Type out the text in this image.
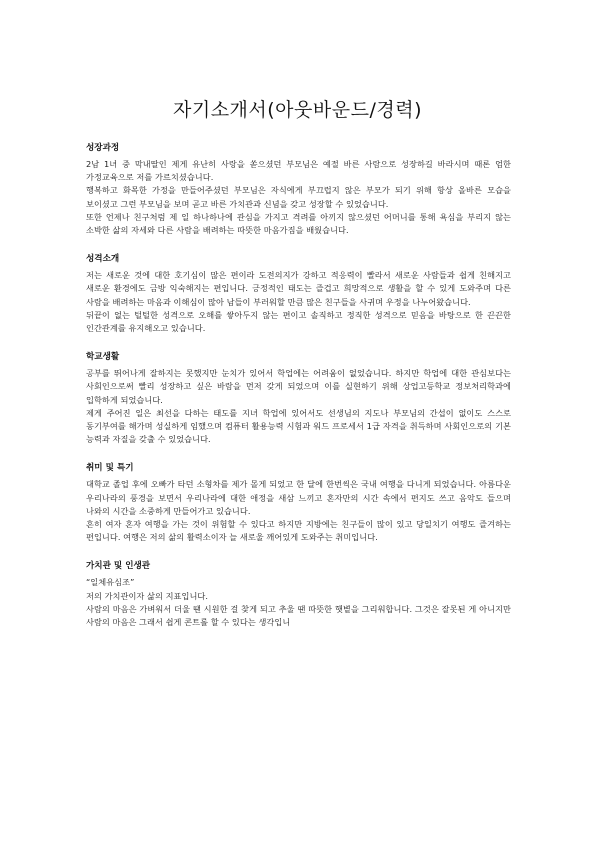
자기소개서(아웃바운드/경력)
성장과정

2남 1녀 중 막내딸인 제게 유난히 사랑을 쏟으셨던 부모님은 예절 바른 사람으로 성장하길 바라시며 때론 엄한 가정교육으로 저를 가르치셨습니다.

행복하고 화목한 가정을 만들어주셨던 부모님은 자식에게 부끄럽지 않은 부모가 되기 위해 항상 올바른 모습을 보이셨고 그런 부모님을 보며 곧고 바른 가치관과 신념을 갖고 성장할 수 있었습니다.

또한 언제나 친구처럼 제 일 하나하나에 관심을 가지고 격려를 아끼지 않으셨던 어머니를 통해 욕심을 부리지 않는 소박한 삶의 자세와 다른 사람을 배려하는 따뜻한 마음가짐을 배웠습니다.

성격소개

저는 새로운 것에 대한 호기심이 많은 편이라 도전의지가 강하고 적응력이 빨라서 새로운 사람들과 쉽게 친해지고 새로운 환경에도 금방 익숙해지는 편입니다. 긍정적인 태도는 즐겁고 희망적으로 생활을 할 수 있게 도와주며 다른 사람을 배려하는 마음과 이해심이 많아 남들이 부러워할 만큼 많은 친구들을 사귀며 우정을 나누어왔습니다.

뒤끝이 없는 털털한 성격으로 오해를 쌓아두지 않는 편이고 솔직하고 정직한 성격으로 믿음을 바탕으로 한 끈끈한 인간관계를 유지해오고 있습니다.

학교생활

공부를 뛰어나게 잘하지는 못했지만 눈치가 있어서 학업에는 어려움이 없었습니다. 하지만 학업에 대한 관심보다는 사회인으로써 빨리 성장하고 싶은 바람을 먼저 갖게 되었으며 이를 실현하기 위해 상업고등학교 정보처리학과에 입학하게 되었습니다.

제게 주어진 일은 최선을 다하는 태도를 지녀 학업에 있어서도 선생님의 지도나 부모님의 간섭이 없이도 스스로 동기부여를 해가며 성실하게 임했으며 컴퓨터 활용능력 시험과 워드 프로세서 1급 자격을 취득하며 사회인으로의 기본 능력과 자질을 갖출 수 있었습니다.

취미 및 특기

대학교 졸업 후에 오빠가 타던 소형차를 제가 몰게 되었고 한 달에 한번씩은 국내 여행을 다니게 되었습니다. 아름다운 우리나라의 풍경을 보면서 우리나라에 대한 애정을 새삼 느끼고 혼자만의 시간 속에서 편지도 쓰고 음악도 들으며 나와의 시간을 소중하게 만들어가고 있습니다.

흔히 여자 혼자 여행을 가는 것이 위험할 수 있다고 하지만 지방에는 친구들이 많이 있고 당일치기 여행도 즐겨하는 편입니다. 여행은 저의 삶의 활력소이자 늘 새로울 깨어있게 도와주는 취미입니다.

가치관 및 인생관

“일체유심조”

저의 가치관이자 삶의 지표입니다.

사람의 마음은 가벼워서 더울 땐 시원한 걸 찾게 되고 추울 땐 따뜻한 햇볕을 그리워합니다. 그것은 잘못된 게 아니지만 사람의 마음은 그래서 쉽게 콘트롤 할 수 있다는 생각입니
